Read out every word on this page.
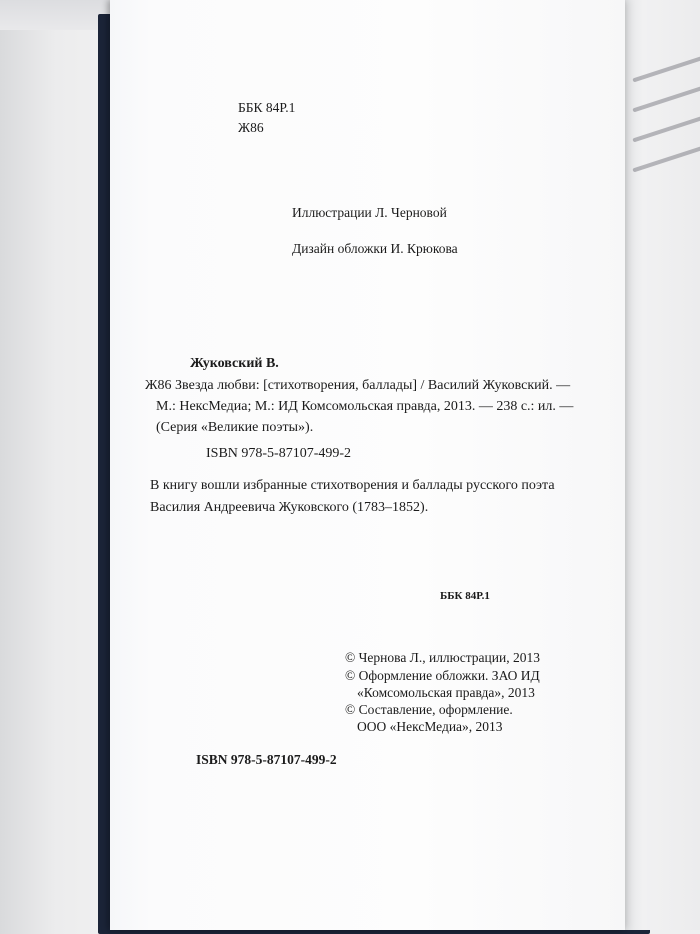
ББК 84Р.1
Ж86
Иллюстрации Л. Черновой
Дизайн обложки И. Крюкова
Жуковский В.
Ж86 Звезда любви: [стихотворения, баллады] / Василий Жуковский. —
М.: НексМедиа; М.: ИД Комсомольская правда, 2013. — 238 с.: ил. —
(Серия «Великие поэты»).
ISBN 978-5-87107-499-2
В книгу вошли избранные стихотворения и баллады русского поэта
Василия Андреевича Жуковского (1783–1852).
ББК 84Р.1
© Чернова Л., иллюстрации, 2013
© Оформление обложки. ЗАО ИД
«Комсомольская правда», 2013
© Составление, оформление.
ООО «НексМедиа», 2013
ISBN 978-5-87107-499-2
